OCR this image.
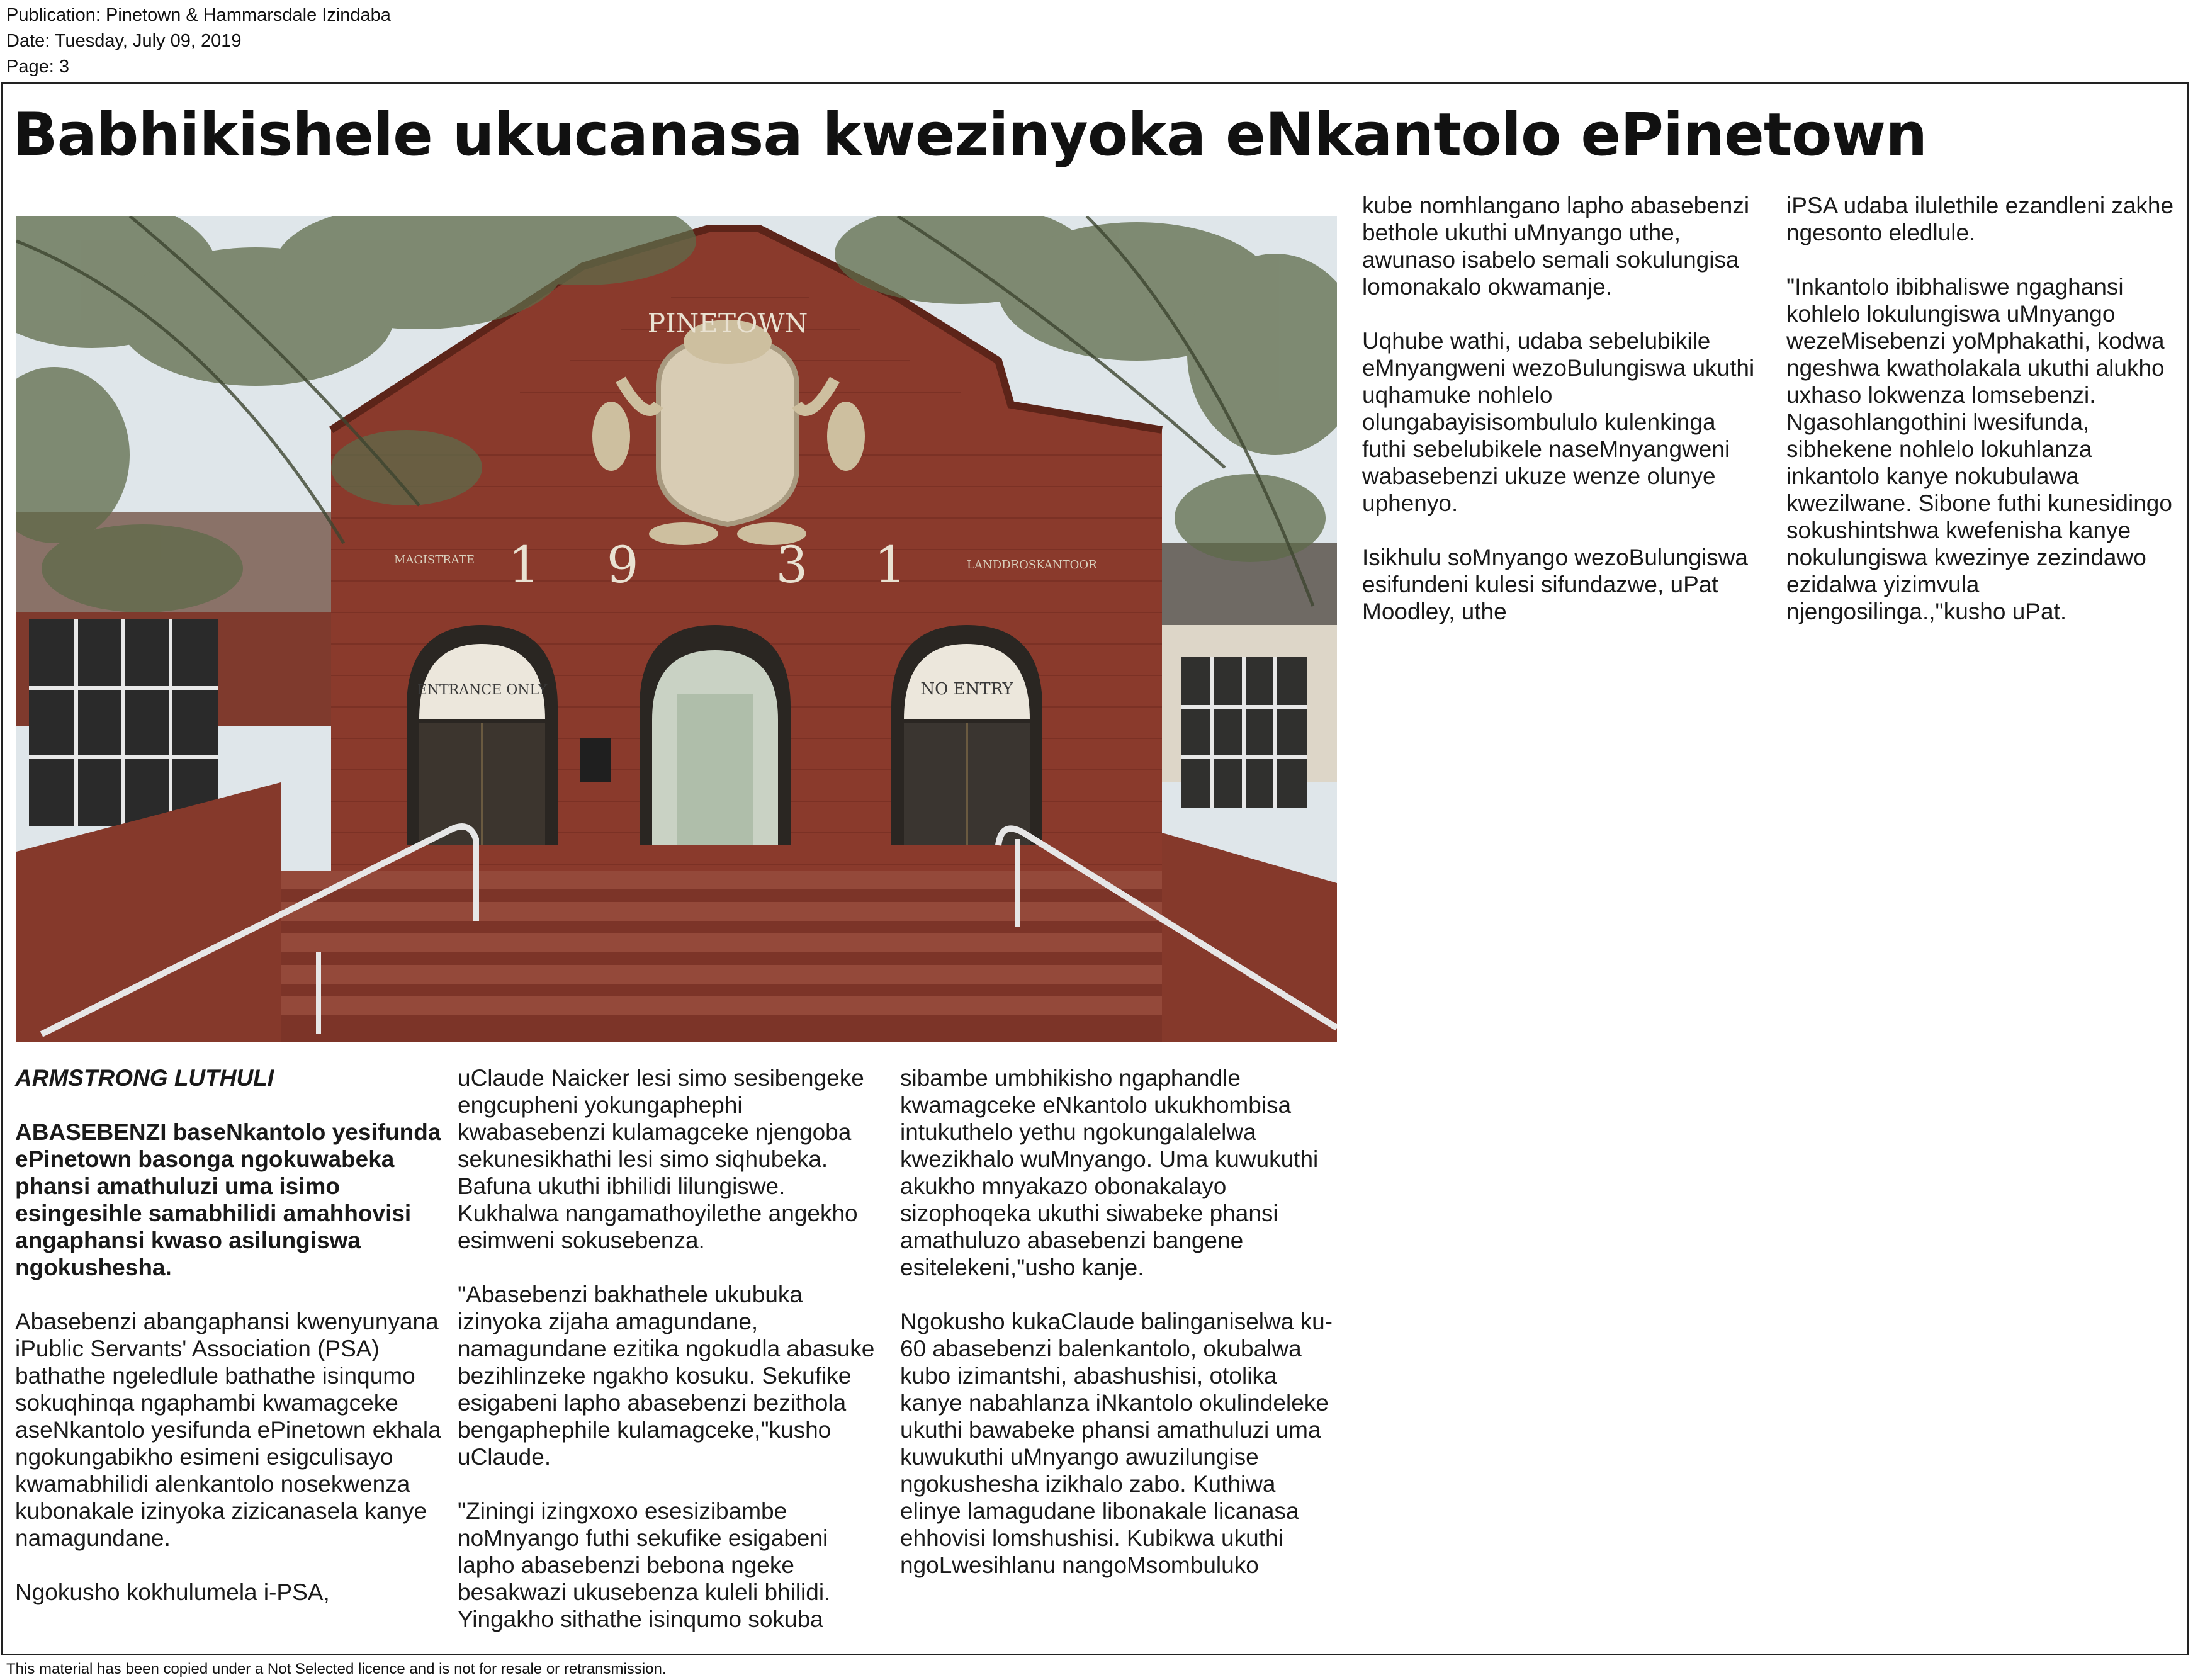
Publication: Pinetown & Hammarsdale Izindaba
Date: Tuesday, July 09, 2019
Page: 3
Babhikishele ukucanasa kwezinyoka eNkantolo ePinetown
PINETOWN
1 9 3 1
MAGISTRATE	LANDDROSKANTOOR
ENTRANCE ONLY	NO ENTRY
ARMSTRONG LUTHULI

ABASEBENZI baseNkantolo yesifunda ePinetown basonga ngokuwabeka phansi amathuluzi uma isimo esingesihle samabhilidi amahhovisi angaphansi kwaso asilungiswa ngokushesha.

Abasebenzi abangaphansi kwenyunyana iPublic Servants' Association (PSA) bathathe ngeledlule bathathe isinqumo sokuqhinqa ngaphambi kwamagceke aseNkantolo yesifunda ePinetown ekhala ngokungabikho esimeni esigculisayo kwamabhilidi alenkantolo nosekwenza kubonakale izinyoka zizicanasela kanye namagundane.

Ngokusho kokhulumela i-PSA,

uClaude Naicker lesi simo sesibengeke engcupheni yokungaphephi kwabasebenzi kulamagceke njengoba sekunesikhathi lesi simo siqhubeka. Bafuna ukuthi ibhilidi lilungiswe. Kukhalwa nangamathoyilethe angekho esimweni sokusebenza.

"Abasebenzi bakhathele ukubuka izinyoka zijaha amagundane, namagundane ezitika ngokudla abasuke bezihlinzeke ngakho kosuku. Sekufike esigabeni lapho abasebenzi bezithola bengaphephile kulamagceke,"kusho uClaude.

"Ziningi izingxoxo esesizibambe noMnyango futhi sekufike esigabeni lapho abasebenzi bebona ngeke besakwazi ukusebenza kuleli bhilidi. Yingakho sithathe isinqumo sokuba

sibambe umbhikisho ngaphandle kwamagceke eNkantolo ukukhombisa intukuthelo yethu ngokungalalelwa kwezikhalo wuMnyango. Uma kuwukuthi akukho mnyakazo obonakalayo sizophoqeka ukuthi siwabeke phansi amathuluzo abasebenzi bangene esitelekeni,"usho kanje.

Ngokusho kukaClaude balinganiselwa ku-60 abasebenzi balenkantolo, okubalwa kubo izimantshi, abashushisi, otolika kanye nabahlanza iNkantolo okulindeleke ukuthi bawabeke phansi amathuluzi uma kuwukuthi uMnyango awuzilungise ngokushesha izikhalo zabo. Kuthiwa elinye lamagudane libonakale licanasa ehhovisi lomshushisi. Kubikwa ukuthi ngoLwesihlanu nangoMsombuluko

kube nomhlangano lapho abasebenzi bethole ukuthi uMnyango uthe, awunaso isabelo semali sokulungisa lomonakalo okwamanje.

Uqhube wathi, udaba sebelubikile eMnyangweni wezoBulungiswa ukuthi uqhamuke nohlelo olungabayisisombululo kulenkinga futhi sebelubikele naseMnyangweni wabasebenzi ukuze wenze olunye uphenyo.

Isikhulu soMnyango wezoBulungiswa esifundeni kulesi sifundazwe, uPat Moodley, uthe

iPSA udaba ilulethile ezandleni zakhe ngesonto eledlule.

"Inkantolo ibibhaliswe ngaghansi kohlelo lokulungiswa uMnyango wezeMisebenzi yoMphakathi, kodwa ngeshwa kwatholakala ukuthi alukho uxhaso lokwenza lomsebenzi. Ngasohlangothini lwesifunda, sibhekene nohlelo lokuhlanza inkantolo kanye nokubulawa kwezilwane. Sibone futhi kunesidingo sokushintshwa kwefenisha kanye nokulungiswa kwezinye zezindawo ezidalwa yizimvula njengosilinga.,"kusho uPat.

This material has been copied under a Not Selected licence and is not for resale or retransmission.
